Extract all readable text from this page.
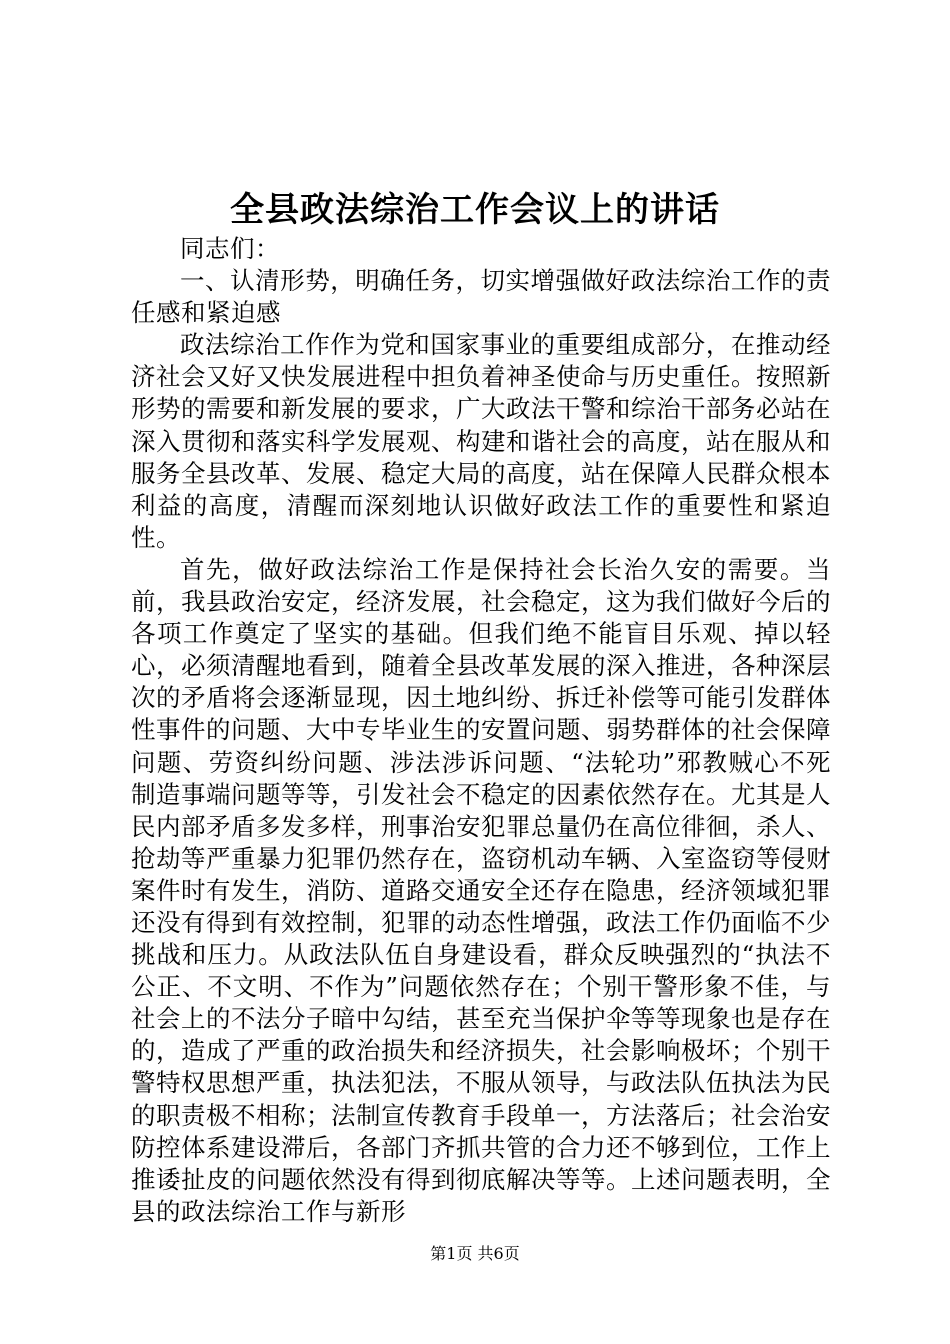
全县政法综治工作会议上的讲话

同志们：

一、认清形势，明确任务，切实增强做好政法综治工作的责任感和紧迫感

政法综治工作作为党和国家事业的重要组成部分，在推动经济社会又好又快发展进程中担负着神圣使命与历史重任。按照新形势的需要和新发展的要求，广大政法干警和综治干部务必站在深入贯彻和落实科学发展观、构建和谐社会的高度，站在服从和服务全县改革、发展、稳定大局的高度，站在保障人民群众根本利益的高度，清醒而深刻地认识做好政法工作的重要性和紧迫性。

首先，做好政法综治工作是保持社会长治久安的需要。当前，我县政治安定，经济发展，社会稳定，这为我们做好今后的各项工作奠定了坚实的基础。但我们绝不能盲目乐观、掉以轻心，必须清醒地看到，随着全县改革发展的深入推进，各种深层次的矛盾将会逐渐显现，因土地纠纷、拆迁补偿等可能引发群体性事件的问题、大中专毕业生的安置问题、弱势群体的社会保障问题、劳资纠纷问题、涉法涉诉问题、“法轮功”邪教贼心不死制造事端问题等等，引发社会不稳定的因素依然存在。尤其是人民内部矛盾多发多样，刑事治安犯罪总量仍在高位徘徊，杀人、抢劫等严重暴力犯罪仍然存在，盗窃机动车辆、入室盗窃等侵财案件时有发生，消防、道路交通安全还存在隐患，经济领域犯罪还没有得到有效控制，犯罪的动态性增强，政法工作仍面临不少挑战和压力。从政法队伍自身建设看，群众反映强烈的“执法不公正、不文明、不作为”问题依然存在；个别干警形象不佳，与社会上的不法分子暗中勾结，甚至充当保护伞等等现象也是存在的，造成了严重的政治损失和经济损失，社会影响极坏；个别干警特权思想严重，执法犯法，不服从领导，与政法队伍执法为民的职责极不相称；法制宣传教育手段单一，方法落后；社会治安防控体系建设滞后，各部门齐抓共管的合力还不够到位，工作上推诿扯皮的问题依然没有得到彻底解决等等。上述问题表明，全县的政法综治工作与新形

第1页 共6页
